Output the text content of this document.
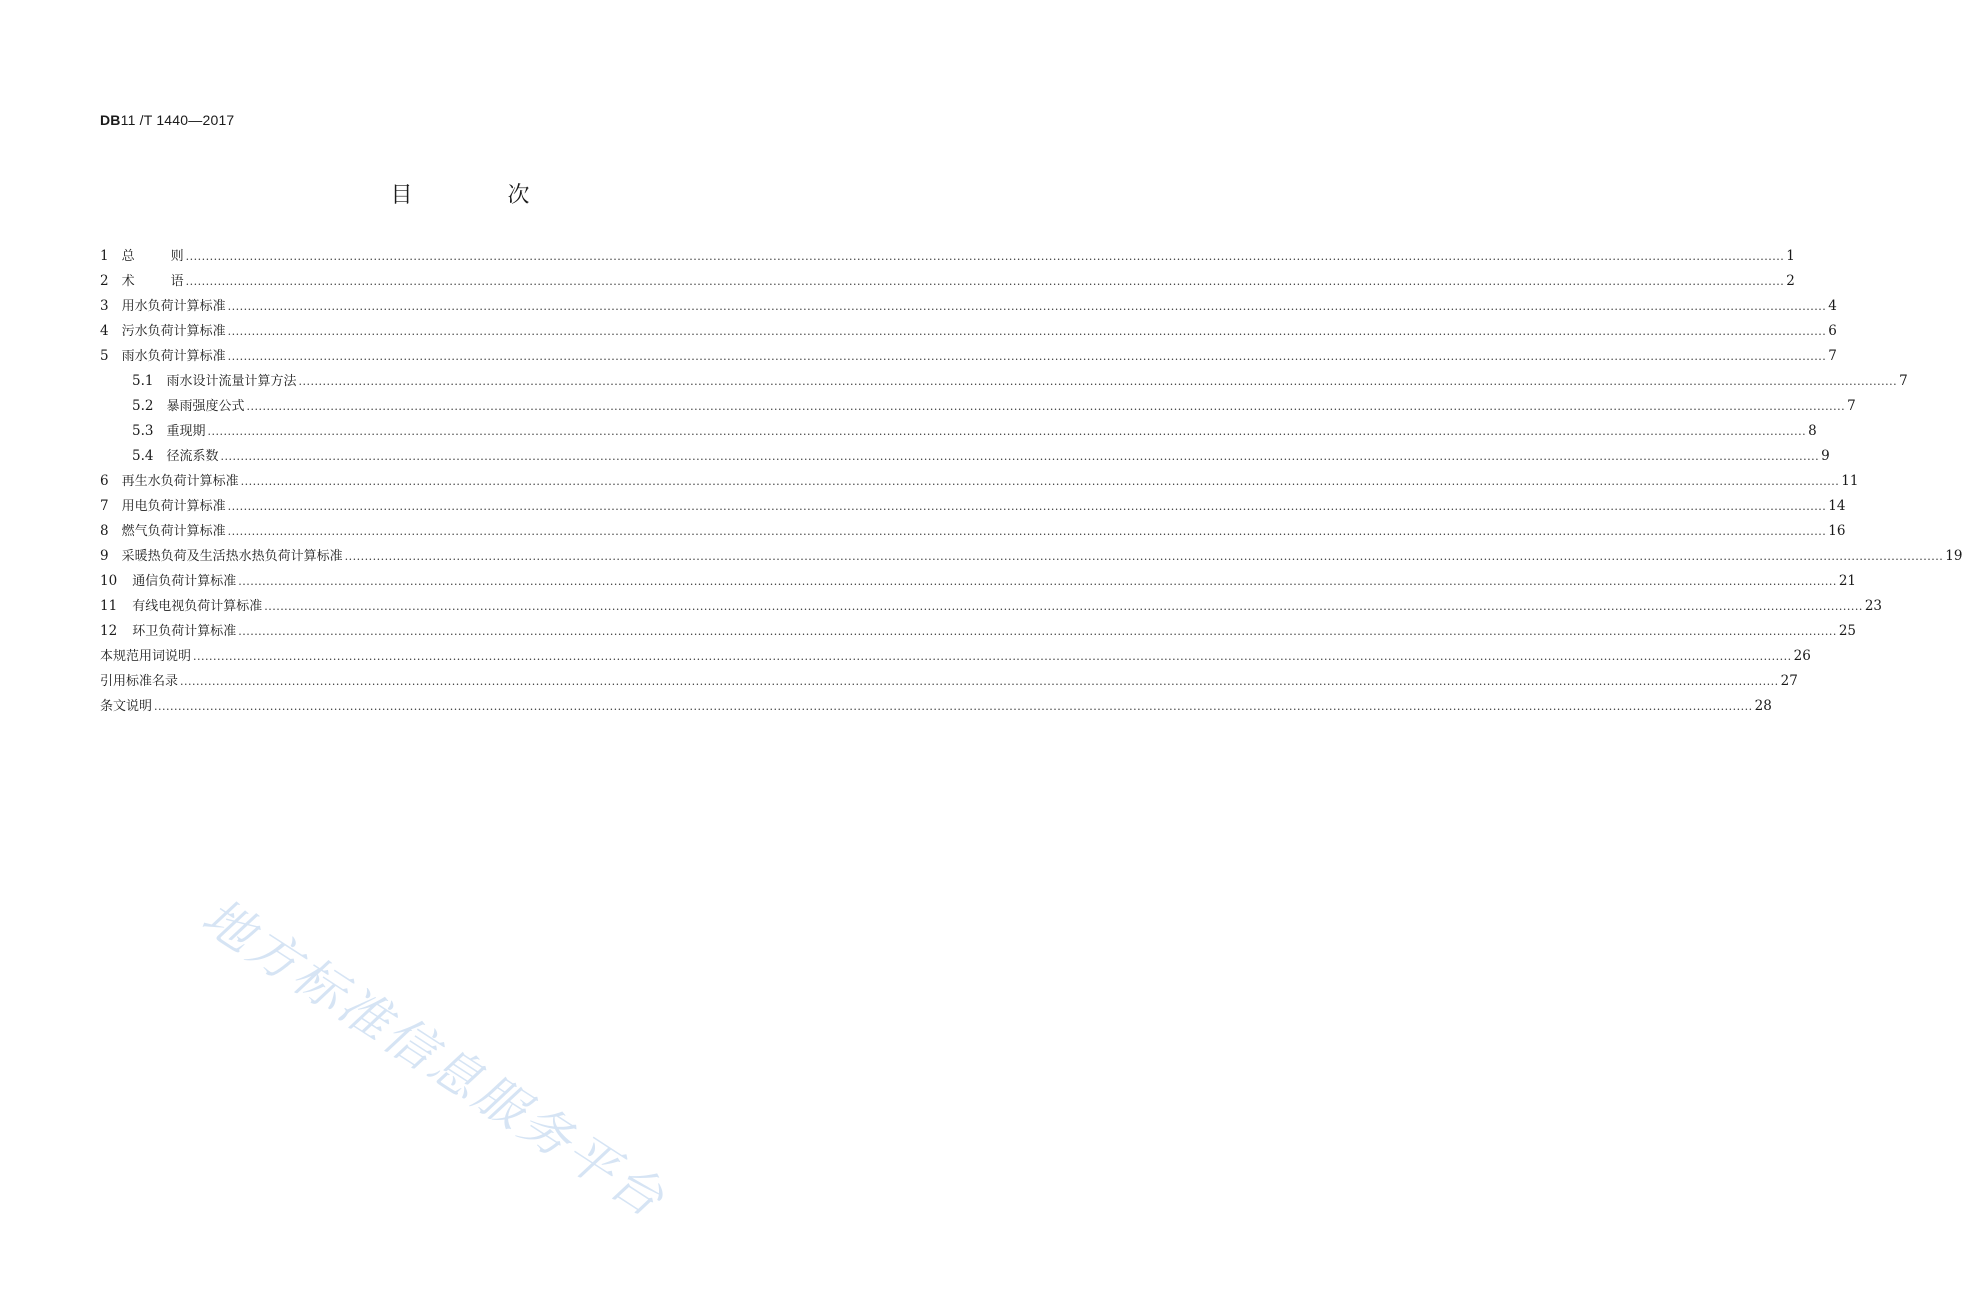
DB11 /T 1440—2017
目 次
1 总 则 ................................................................................................................................................................................................................................................................................................................................................................................................................ 1
2 术 语 ................................................................................................................................................................................................................................................................................................................................................................................................................ 2
3 用水负荷计算标准 ................................................................................................................................................................................................................................................................................................................................................................................................................ 4
4 污水负荷计算标准 ................................................................................................................................................................................................................................................................................................................................................................................................................ 6
5 雨水负荷计算标准 ................................................................................................................................................................................................................................................................................................................................................................................................................ 7
5.1 雨水设计流量计算方法 ................................................................................................................................................................................................................................................................................................................................................................................................................ 7
5.2 暴雨强度公式 ................................................................................................................................................................................................................................................................................................................................................................................................................ 7
5.3 重现期 ................................................................................................................................................................................................................................................................................................................................................................................................................ 8
5.4 径流系数 ................................................................................................................................................................................................................................................................................................................................................................................................................ 9
6 再生水负荷计算标准 ................................................................................................................................................................................................................................................................................................................................................................................................................ 11
7 用电负荷计算标准 ................................................................................................................................................................................................................................................................................................................................................................................................................ 14
8 燃气负荷计算标准 ................................................................................................................................................................................................................................................................................................................................................................................................................ 16
9 采暖热负荷及生活热水热负荷计算标准 ................................................................................................................................................................................................................................................................................................................................................................................................................ 19
10 通信负荷计算标准 ................................................................................................................................................................................................................................................................................................................................................................................................................ 21
11 有线电视负荷计算标准 ................................................................................................................................................................................................................................................................................................................................................................................................................ 23
12 环卫负荷计算标准 ................................................................................................................................................................................................................................................................................................................................................................................................................ 25
本规范用词说明 ................................................................................................................................................................................................................................................................................................................................................................................................................ 26
引用标准名录 ................................................................................................................................................................................................................................................................................................................................................................................................................ 27
条文说明 ................................................................................................................................................................................................................................................................................................................................................................................................................ 28
地方标准信息服务平台
